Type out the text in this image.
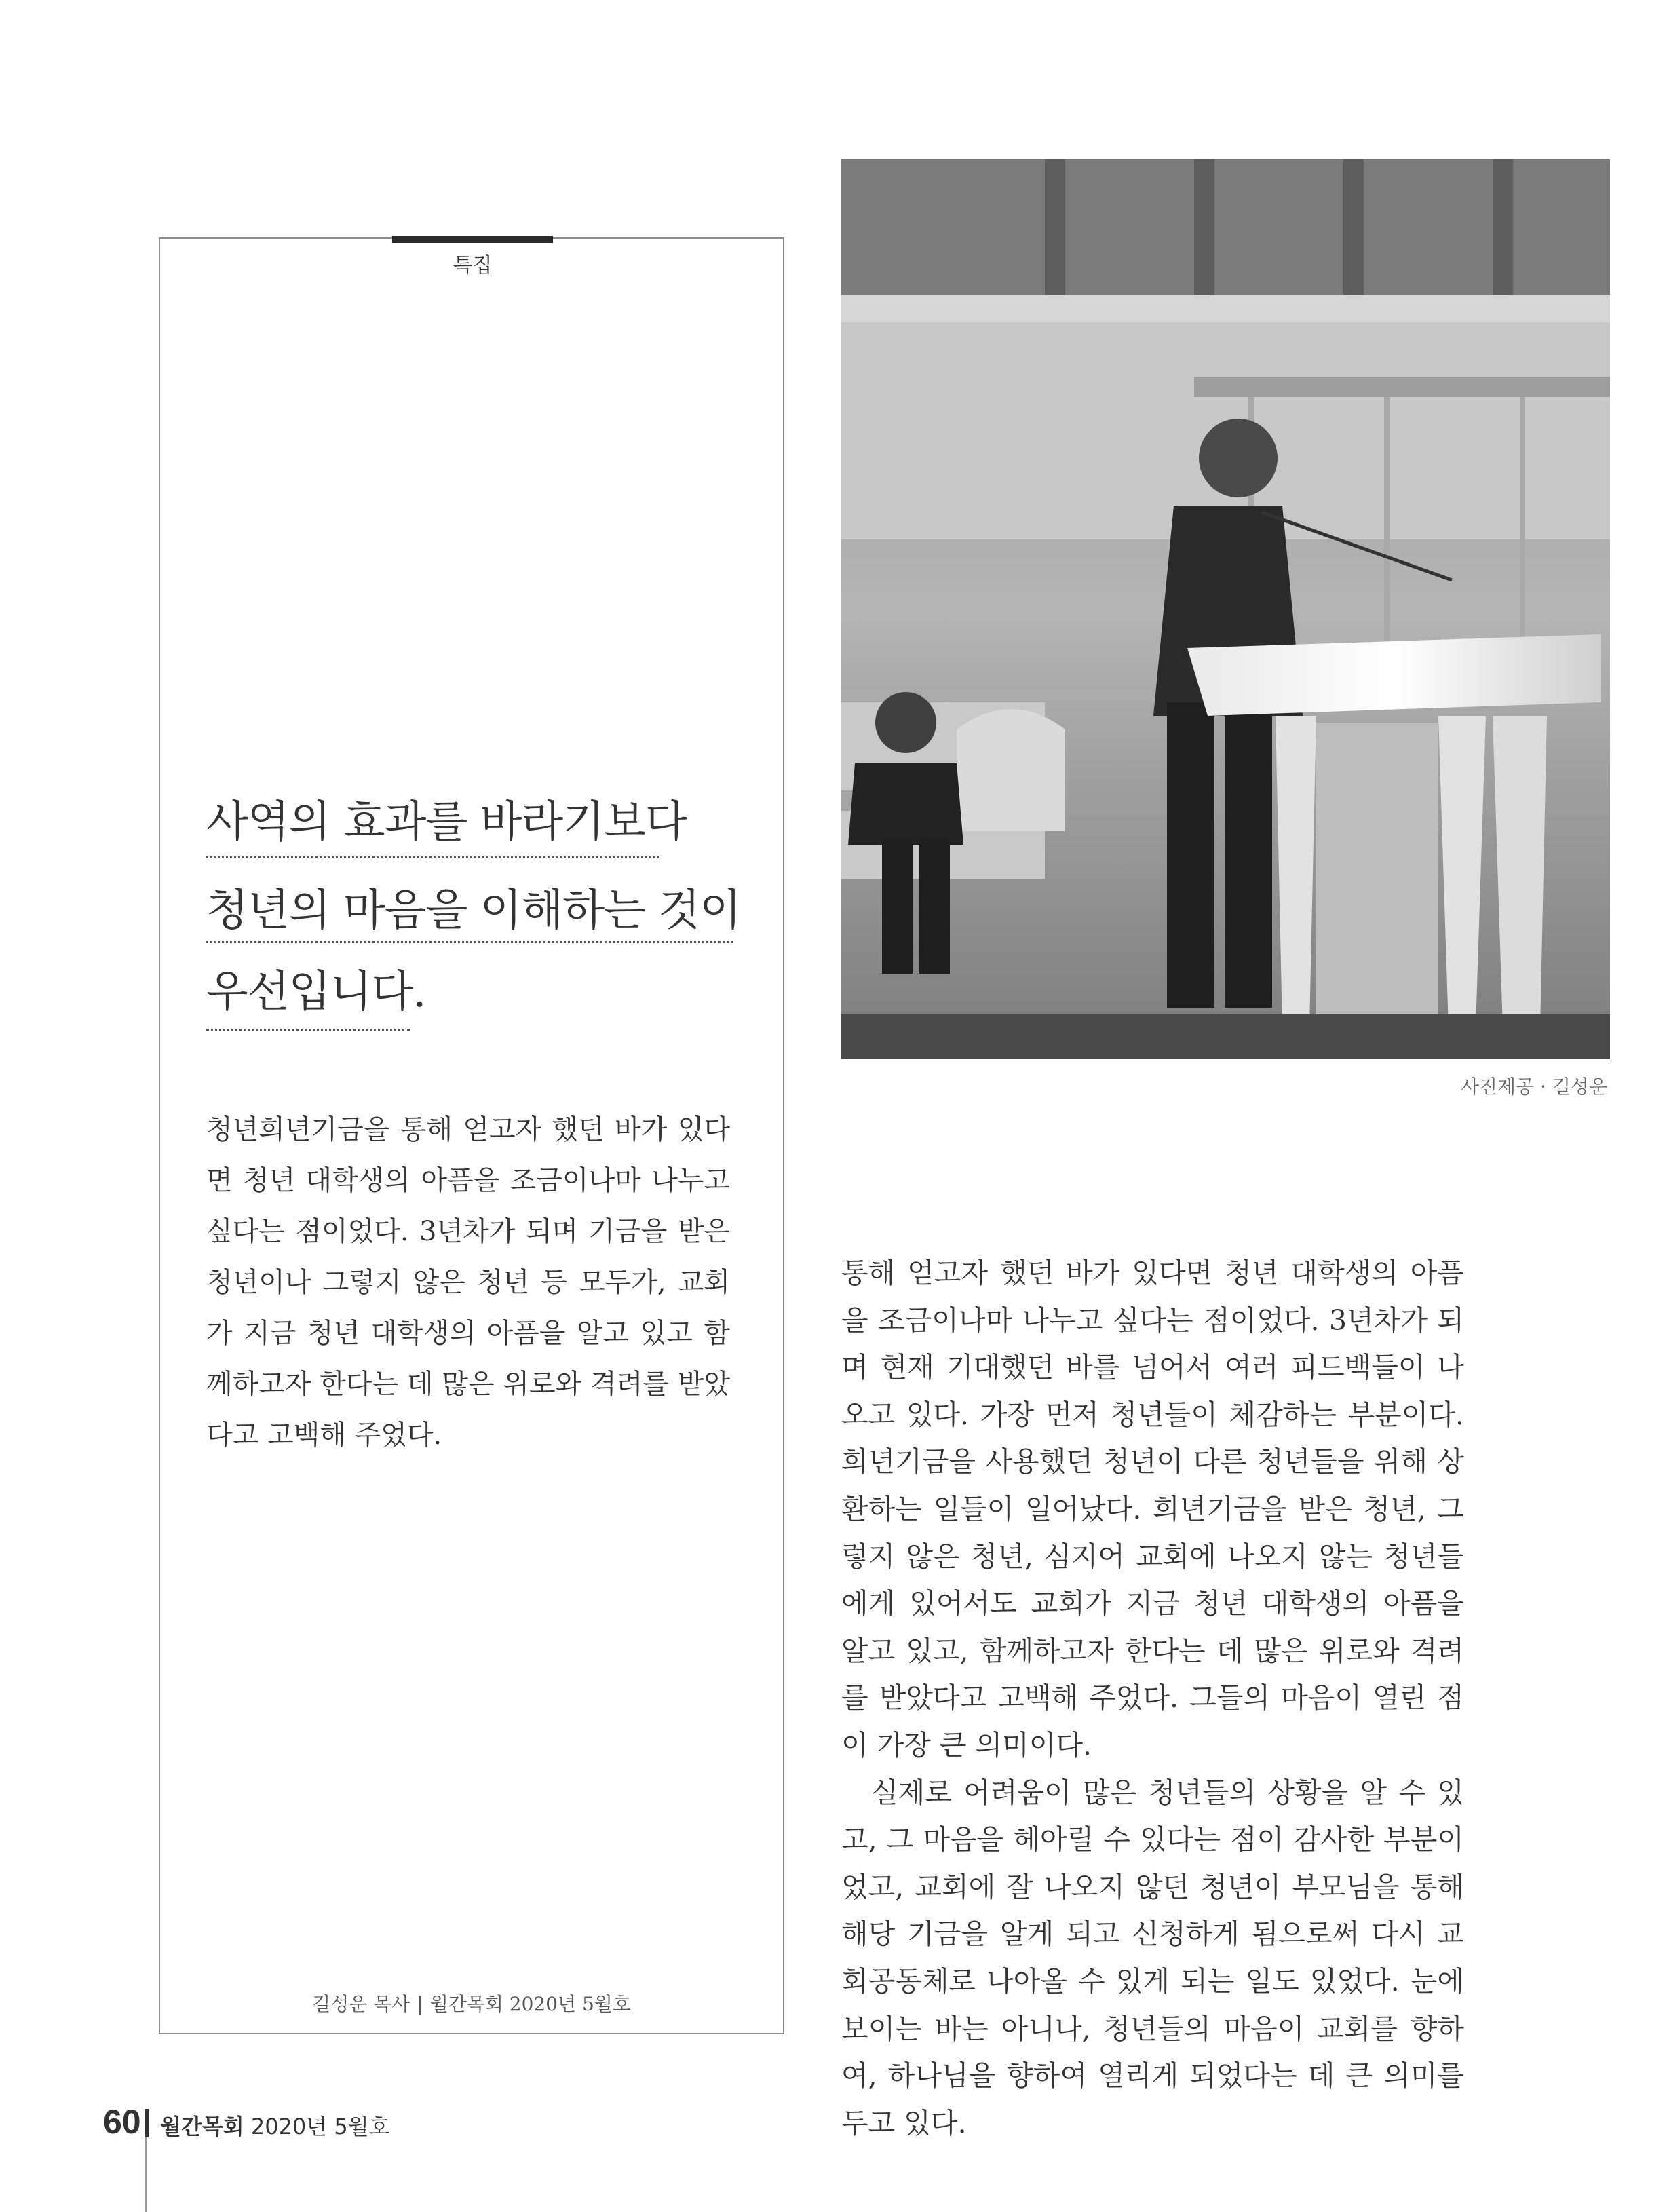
특집
사역의 효과를 바라기보다
청년의 마음을 이해하는 것이
우선입니다.

청년희년기금을 통해 얻고자 했던 바가 있다면 청년 대학생의 아픔을 조금이나마 나누고 싶다는 점이었다. 3년차가 되며 기금을 받은 청년이나 그렇지 않은 청년 등 모두가, 교회가 지금 청년 대학생의 아픔을 알고 있고 함께하고자 한다는 데 많은 위로와 격려를 받았다고 고백해 주었다.

길성운 목사 | 월간목회 2020년 5월호
사진제공 · 길성운

통해 얻고자 했던 바가 있다면 청년 대학생의 아픔을 조금이나마 나누고 싶다는 점이었다. 3년차가 되며 현재 기대했던 바를 넘어서 여러 피드백들이 나오고 있다. 가장 먼저 청년들이 체감하는 부분이다. 희년기금을 사용했던 청년이 다른 청년들을 위해 상환하는 일들이 일어났다. 희년기금을 받은 청년, 그렇지 않은 청년, 심지어 교회에 나오지 않는 청년들에게 있어서도 교회가 지금 청년 대학생의 아픔을 알고 있고, 함께하고자 한다는 데 많은 위로와 격려를 받았다고 고백해 주었다. 그들의 마음이 열린 점이 가장 큰 의미이다.

실제로 어려움이 많은 청년들의 상황을 알 수 있고, 그 마음을 헤아릴 수 있다는 점이 감사한 부분이었고, 교회에 잘 나오지 않던 청년이 부모님을 통해 해당 기금을 알게 되고 신청하게 됨으로써 다시 교회공동체로 나아올 수 있게 되는 일도 있었다. 눈에 보이는 바는 아니나, 청년들의 마음이 교회를 향하여, 하나님을 향하여 열리게 되었다는 데 큰 의미를 두고 있다.

60 월간목회 2020년 5월호
